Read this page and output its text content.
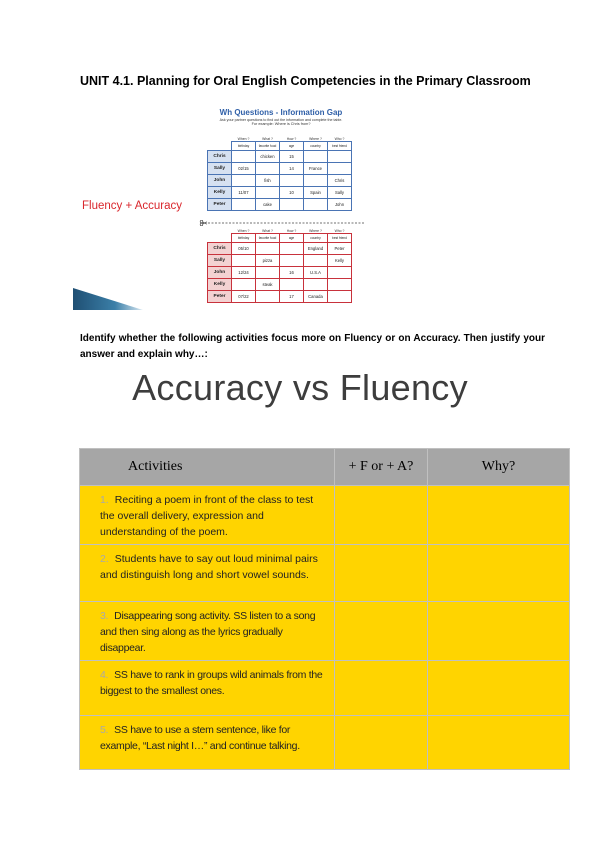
UNIT 4.1. Planning for Oral English Competencies in the Primary Classroom
Wh Questions - Information Gap
Ask your partner questions to find out the information and complete the table.
For example: Where is Chris from?
	When ?	What ?	How ?	Where ?	Who ?
	birthday	favorite food	age	country	best friend
Chris		chicken	15		
Sally	02/15		14	France	
John		fish			Chris
Kelly	11/07		10	Spain	Sally
Peter		cake			John
	When ?	What ?	How ?	Where ?	Who ?
	birthday	favorite food	age	country	best friend
Chris	05/10			England	Peter
Sally		pizza			Kelly
John	12/24		16	U.S.A	
Kelly		steak			
Peter	07/22		17	Canada	
Fluency + Accuracy
Identify whether the following activities focus more on Fluency or on Accuracy. Then justify your answer and explain why…:
Accuracy vs Fluency
Activities	+ F or + A?	Why?
1. Reciting a poem in front of the class to test the overall delivery, expression and understanding of the poem.		
2. Students have to say out loud minimal pairs and distinguish long and short vowel sounds.		
3. Disappearing song activity. SS listen to a song and then sing along as the lyrics gradually disappear.		
4. SS have to rank in groups wild animals from the biggest to the smallest ones.		
5. SS have to use a stem sentence, like for example, “Last night I…” and continue talking.		
